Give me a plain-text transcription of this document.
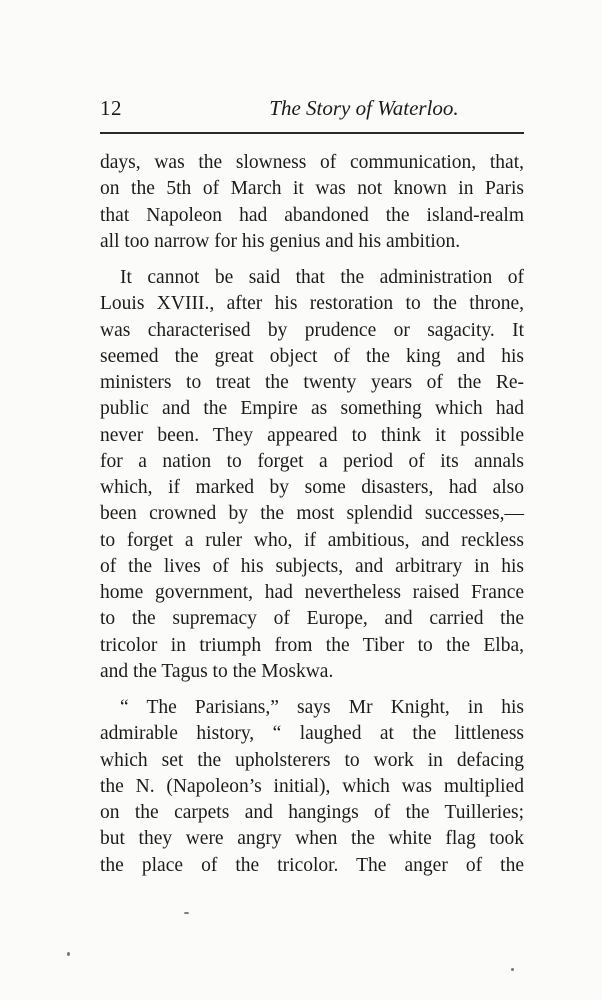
12	The Story of Waterloo.
days, was the slowness of communication, that,
on the 5th of March it was not known in Paris
that Napoleon had abandoned the island-realm
all too narrow for his genius and his ambition.
It cannot be said that the administration of
Louis XVIII., after his restoration to the throne,
was characterised by prudence or sagacity. It
seemed the great object of the king and his
ministers to treat the twenty years of the Re-
public and the Empire as something which had
never been. They appeared to think it possible
for a nation to forget a period of its annals
which, if marked by some disasters, had also
been crowned by the most splendid successes,—
to forget a ruler who, if ambitious, and reckless
of the lives of his subjects, and arbitrary in his
home government, had nevertheless raised France
to the supremacy of Europe, and carried the
tricolor in triumph from the Tiber to the Elba,
and the Tagus to the Moskwa.
“ The Parisians,” says Mr Knight, in his
admirable history, “ laughed at the littleness
which set the upholsterers to work in defacing
the N. (Napoleon’s initial), which was multiplied
on the carpets and hangings of the Tuilleries;
but they were angry when the white flag took
the place of the tricolor. The anger of the
